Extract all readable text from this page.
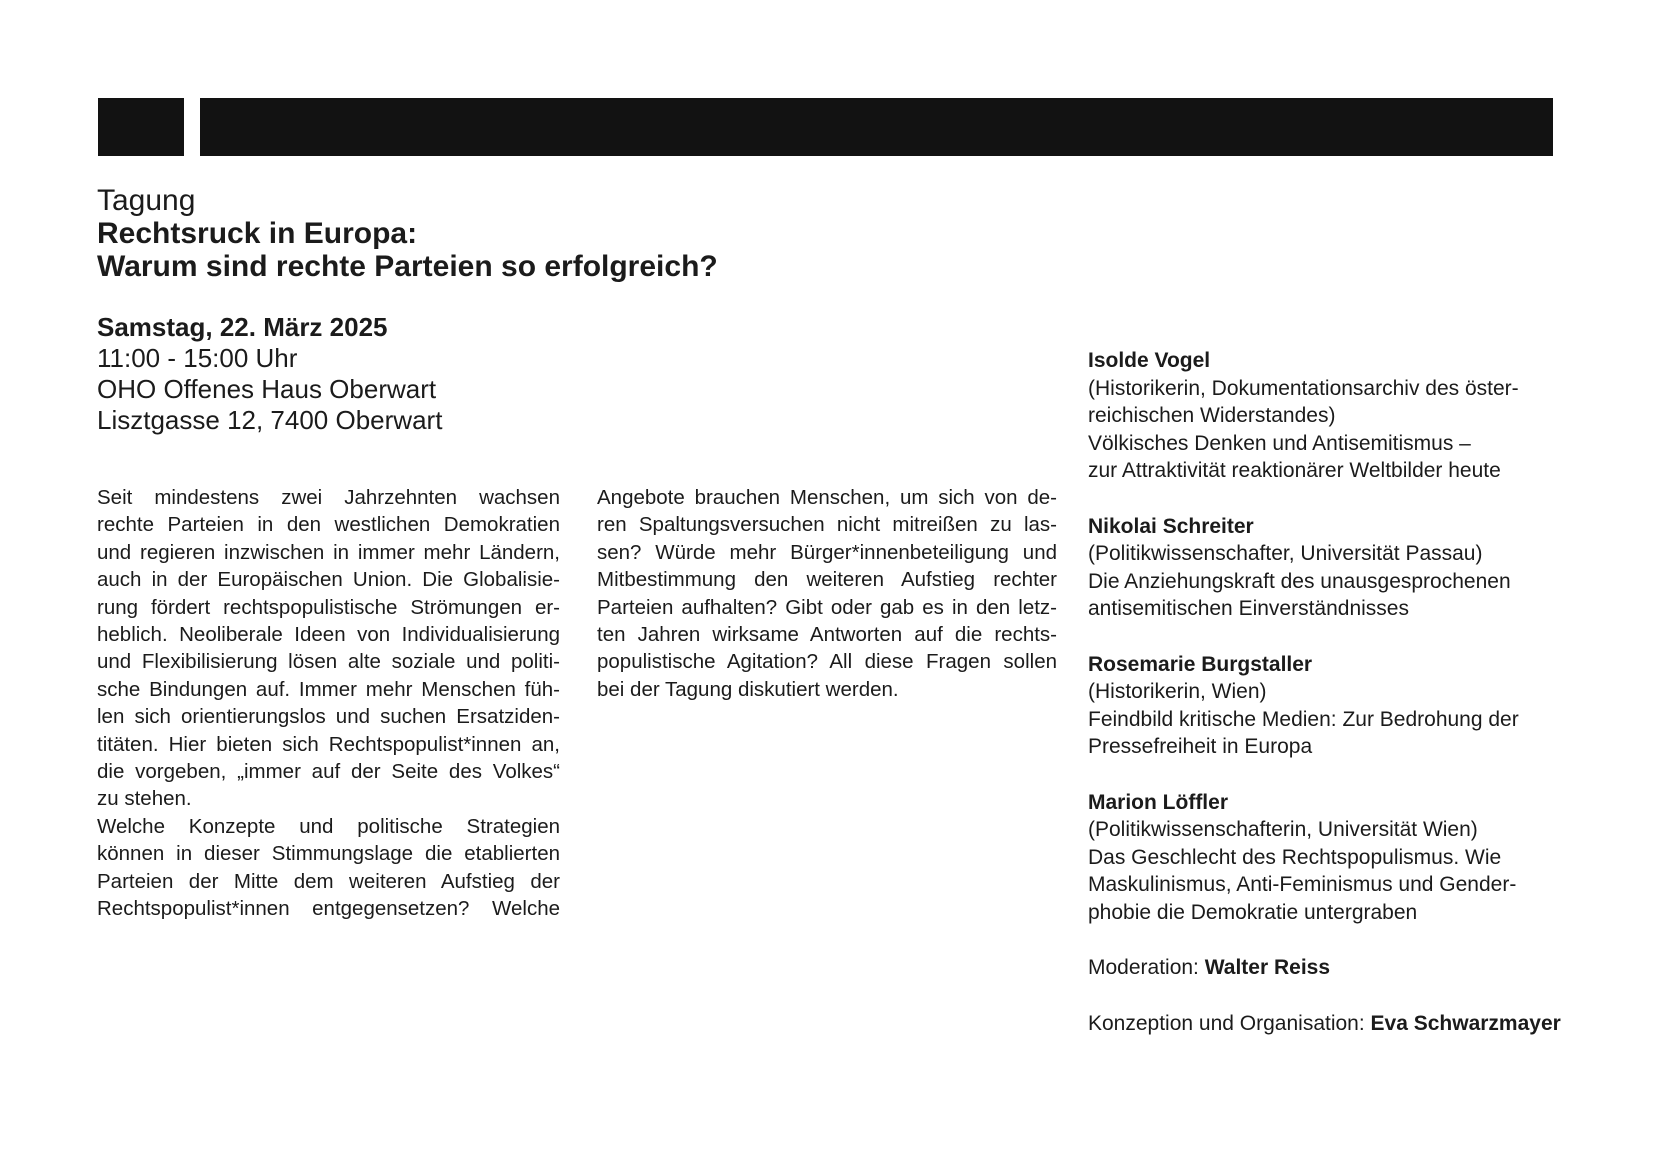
Tagung
Rechtsruck in Europa:
Warum sind rechte Parteien so erfolgreich?
Samstag, 22. März 2025
11:00 - 15:00 Uhr
OHO Offenes Haus Oberwart
Lisztgasse 12, 7400 Oberwart
Seit mindestens zwei Jahrzehnten wachsen
rechte Parteien in den westlichen Demokratien
und regieren inzwischen in immer mehr Ländern,
auch in der Europäischen Union. Die Globalisie-
rung fördert rechtspopulistische Strömungen er-
heblich. Neoliberale Ideen von Individualisierung
und Flexibilisierung lösen alte soziale und politi-
sche Bindungen auf. Immer mehr Menschen füh-
len sich orientierungslos und suchen Ersatziden-
titäten. Hier bieten sich Rechtspopulist*innen an,
die vorgeben, „immer auf der Seite des Volkes“
zu stehen.
Welche Konzepte und politische Strategien
können in dieser Stimmungslage die etablierten
Parteien der Mitte dem weiteren Aufstieg der
Rechtspopulist*innen entgegensetzen? Welche
Angebote brauchen Menschen, um sich von de-
ren Spaltungsversuchen nicht mitreißen zu las-
sen? Würde mehr Bürger*innenbeteiligung und
Mitbestimmung den weiteren Aufstieg rechter
Parteien aufhalten? Gibt oder gab es in den letz-
ten Jahren wirksame Antworten auf die rechts-
populistische Agitation? All diese Fragen sollen
bei der Tagung diskutiert werden.
Isolde Vogel
(Historikerin, Dokumentationsarchiv des öster-
reichischen Widerstandes)
Völkisches Denken und Antisemitismus –
zur Attraktivität reaktionärer Weltbilder heute
Nikolai Schreiter
(Politikwissenschafter, Universität Passau)
Die Anziehungskraft des unausgesprochenen
antisemitischen Einverständnisses
Rosemarie Burgstaller
(Historikerin, Wien)
Feindbild kritische Medien: Zur Bedrohung der
Pressefreiheit in Europa
Marion Löffler
(Politikwissenschafterin, Universität Wien)
Das Geschlecht des Rechtspopulismus. Wie
Maskulinismus, Anti-Feminismus und Gender-
phobie die Demokratie untergraben
Moderation: Walter Reiss
Konzeption und Organisation: Eva Schwarzmayer
